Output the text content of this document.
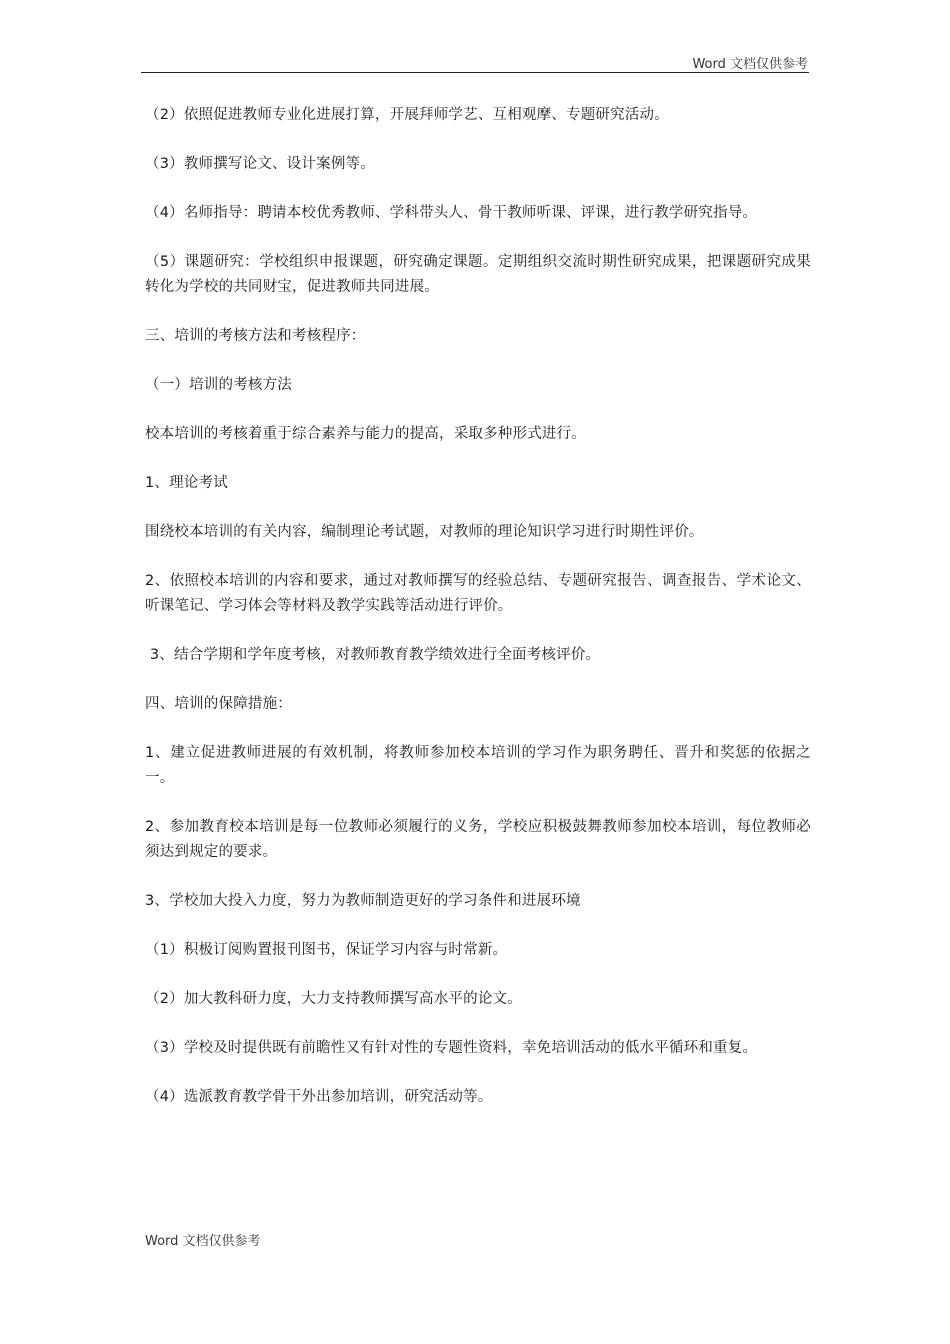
Word 文档仅供参考

（2）依照促进教师专业化进展打算，开展拜师学艺、互相观摩、专题研究活动。

（3）教师撰写论文、设计案例等。

（4）名师指导：聘请本校优秀教师、学科带头人、骨干教师听课、评课，进行教学研究指导。

（5）课题研究：学校组织申报课题，研究确定课题。定期组织交流时期性研究成果，把课题研究成果转化为学校的共同财宝，促进教师共同进展。

三、培训的考核方法和考核程序：

（一）培训的考核方法

校本培训的考核着重于综合素养与能力的提高，采取多种形式进行。

1、理论考试

围绕校本培训的有关内容，编制理论考试题，对教师的理论知识学习进行时期性评价。

2、依照校本培训的内容和要求，通过对教师撰写的经验总结、专题研究报告、调查报告、学术论文、听课笔记、学习体会等材料及教学实践等活动进行评价。

3、结合学期和学年度考核，对教师教育教学绩效进行全面考核评价。

四、培训的保障措施：

1、建立促进教师进展的有效机制，将教师参加校本培训的学习作为职务聘任、晋升和奖惩的依据之一。

2、参加教育校本培训是每一位教师必须履行的义务，学校应积极鼓舞教师参加校本培训，每位教师必须达到规定的要求。

3、学校加大投入力度，努力为教师制造更好的学习条件和进展环境

（1）积极订阅购置报刊图书，保证学习内容与时常新。

（2）加大教科研力度，大力支持教师撰写高水平的论文。

（3）学校及时提供既有前瞻性又有针对性的专题性资料，幸免培训活动的低水平循环和重复。

（4）选派教育教学骨干外出参加培训，研究活动等。

Word 文档仅供参考
